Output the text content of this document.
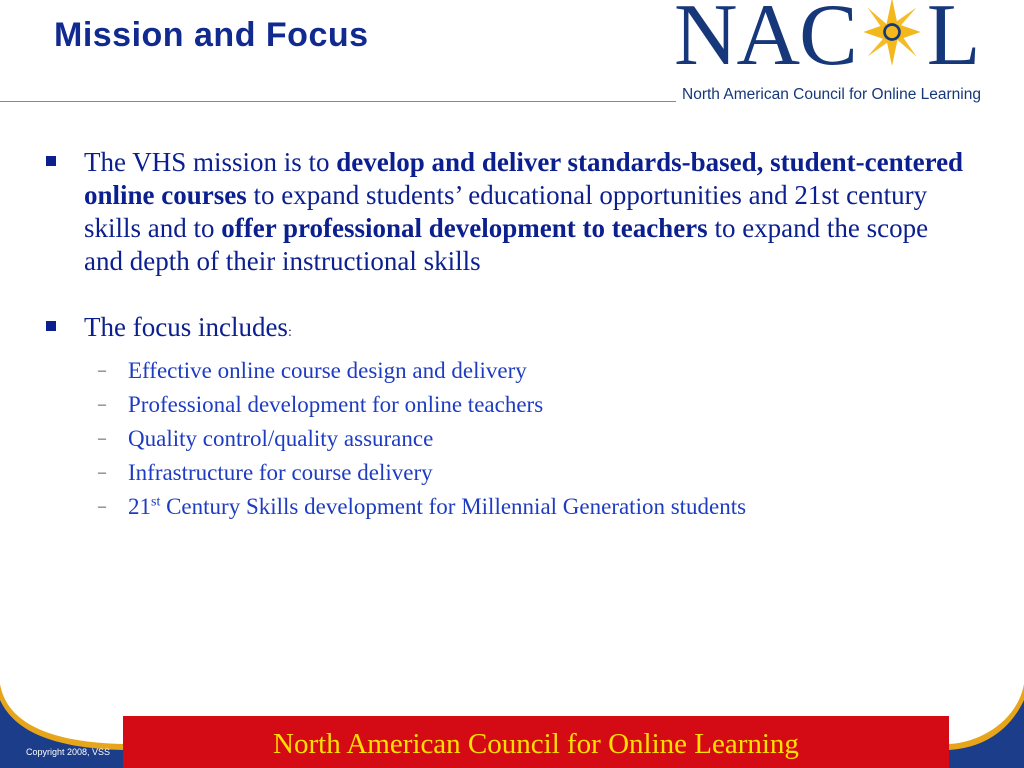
Mission and Focus	NAC L
North American Council for Online Learning
The VHS mission is to develop and deliver standards-based, student-centered online courses to expand students’ educational opportunities and 21st century skills and to offer professional development to teachers to expand the scope and depth of their instructional skills
The focus includes:
– Effective online course design and delivery
– Professional development for online teachers
– Quality control/quality assurance
– Infrastructure for course delivery
– 21st Century Skills development for Millennial Generation students
North American Council for Online Learning
Copyright 2008, VSS
